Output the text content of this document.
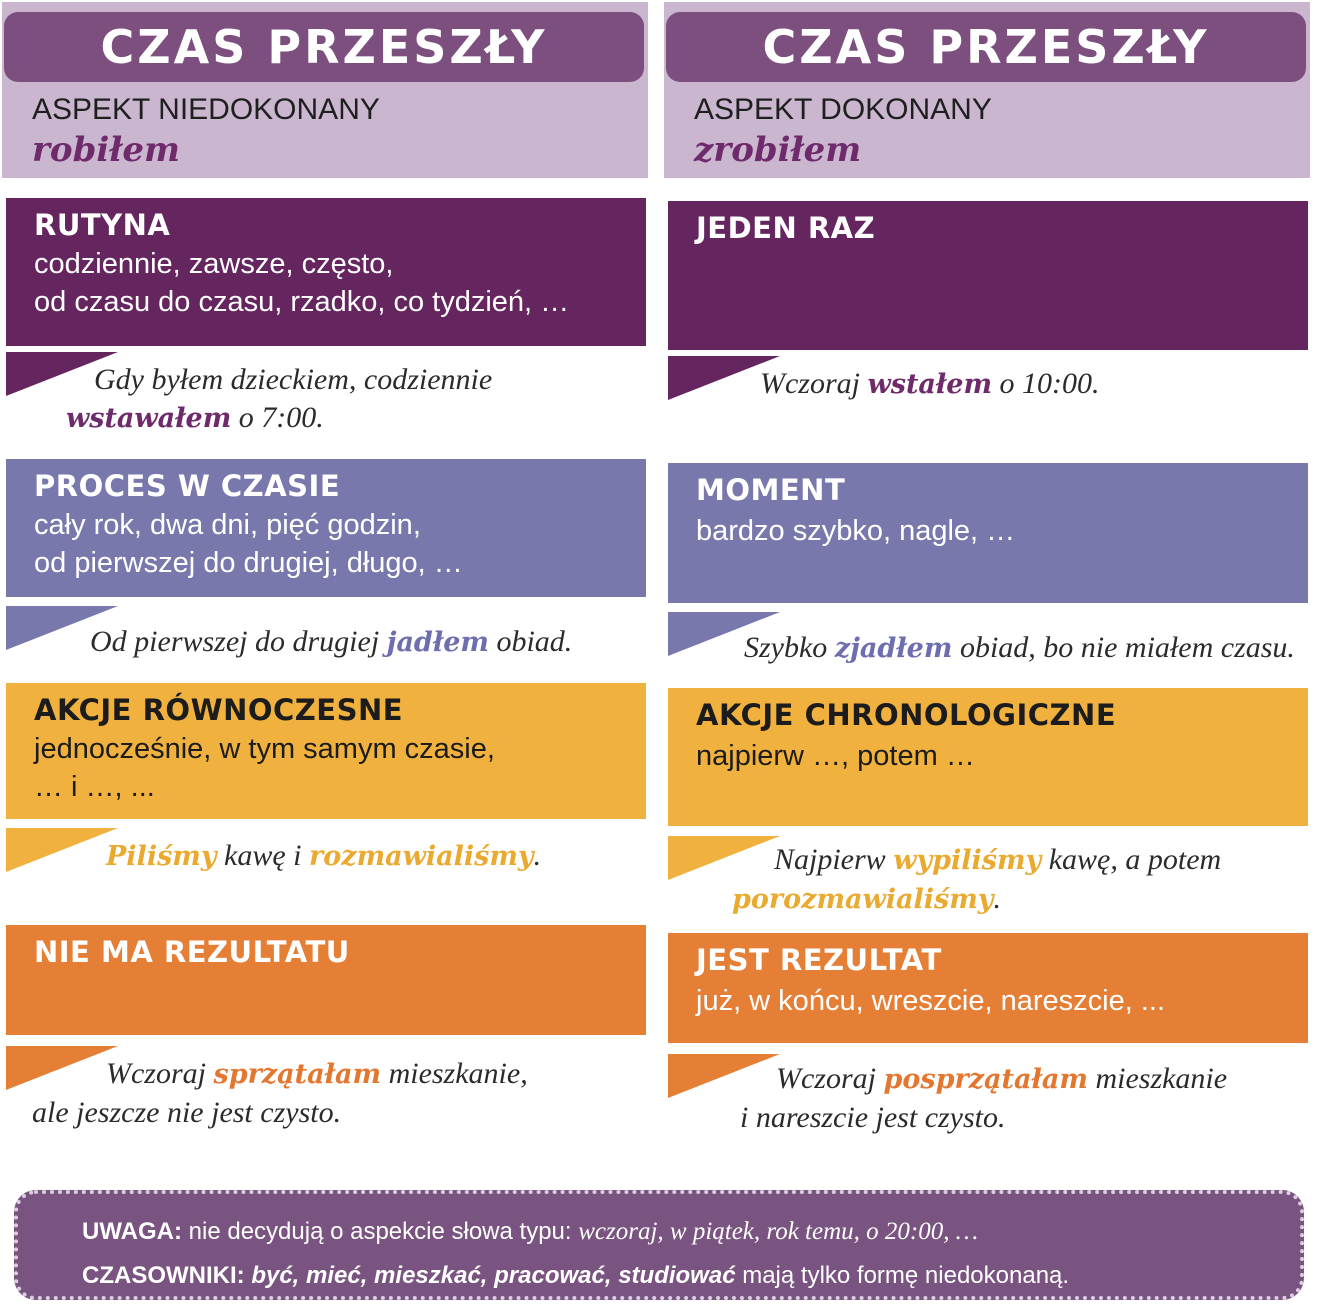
CZAS PRZESZŁY
ASPEKT NIEDOKONANY
robiłem
RUTYNA
codziennie, zawsze, często,
od czasu do czasu, rzadko, co tydzień, …
Gdy byłem dzieckiem, codziennie
wstawałem o 7:00.
PROCES W CZASIE
cały rok, dwa dni, pięć godzin,
od pierwszej do drugiej, długo, …
Od pierwszej do drugiej jadłem obiad.
AKCJE RÓWNOCZESNE
jednocześnie, w tym samym czasie,
… i …, ...
Piliśmy kawę i rozmawialiśmy.
NIE MA REZULTATU
Wczoraj sprzątałam mieszkanie,
ale jeszcze nie jest czysto.
CZAS PRZESZŁY
ASPEKT DOKONANY
zrobiłem
JEDEN RAZ
Wczoraj wstałem o 10:00.
MOMENT
bardzo szybko, nagle, …
Szybko zjadłem obiad, bo nie miałem czasu.
AKCJE CHRONOLOGICZNE
najpierw …, potem …
Najpierw wypiliśmy kawę, a potem
porozmawialiśmy.
JEST REZULTAT
już, w końcu, wreszcie, nareszcie, ...
Wczoraj posprzątałam mieszkanie
i nareszcie jest czysto.
UWAGA: nie decydują o aspekcie słowa typu: wczoraj, w piątek, rok temu, o 20:00, …
CZASOWNIKI: być, mieć, mieszkać, pracować, studiować mają tylko formę niedokonaną.
